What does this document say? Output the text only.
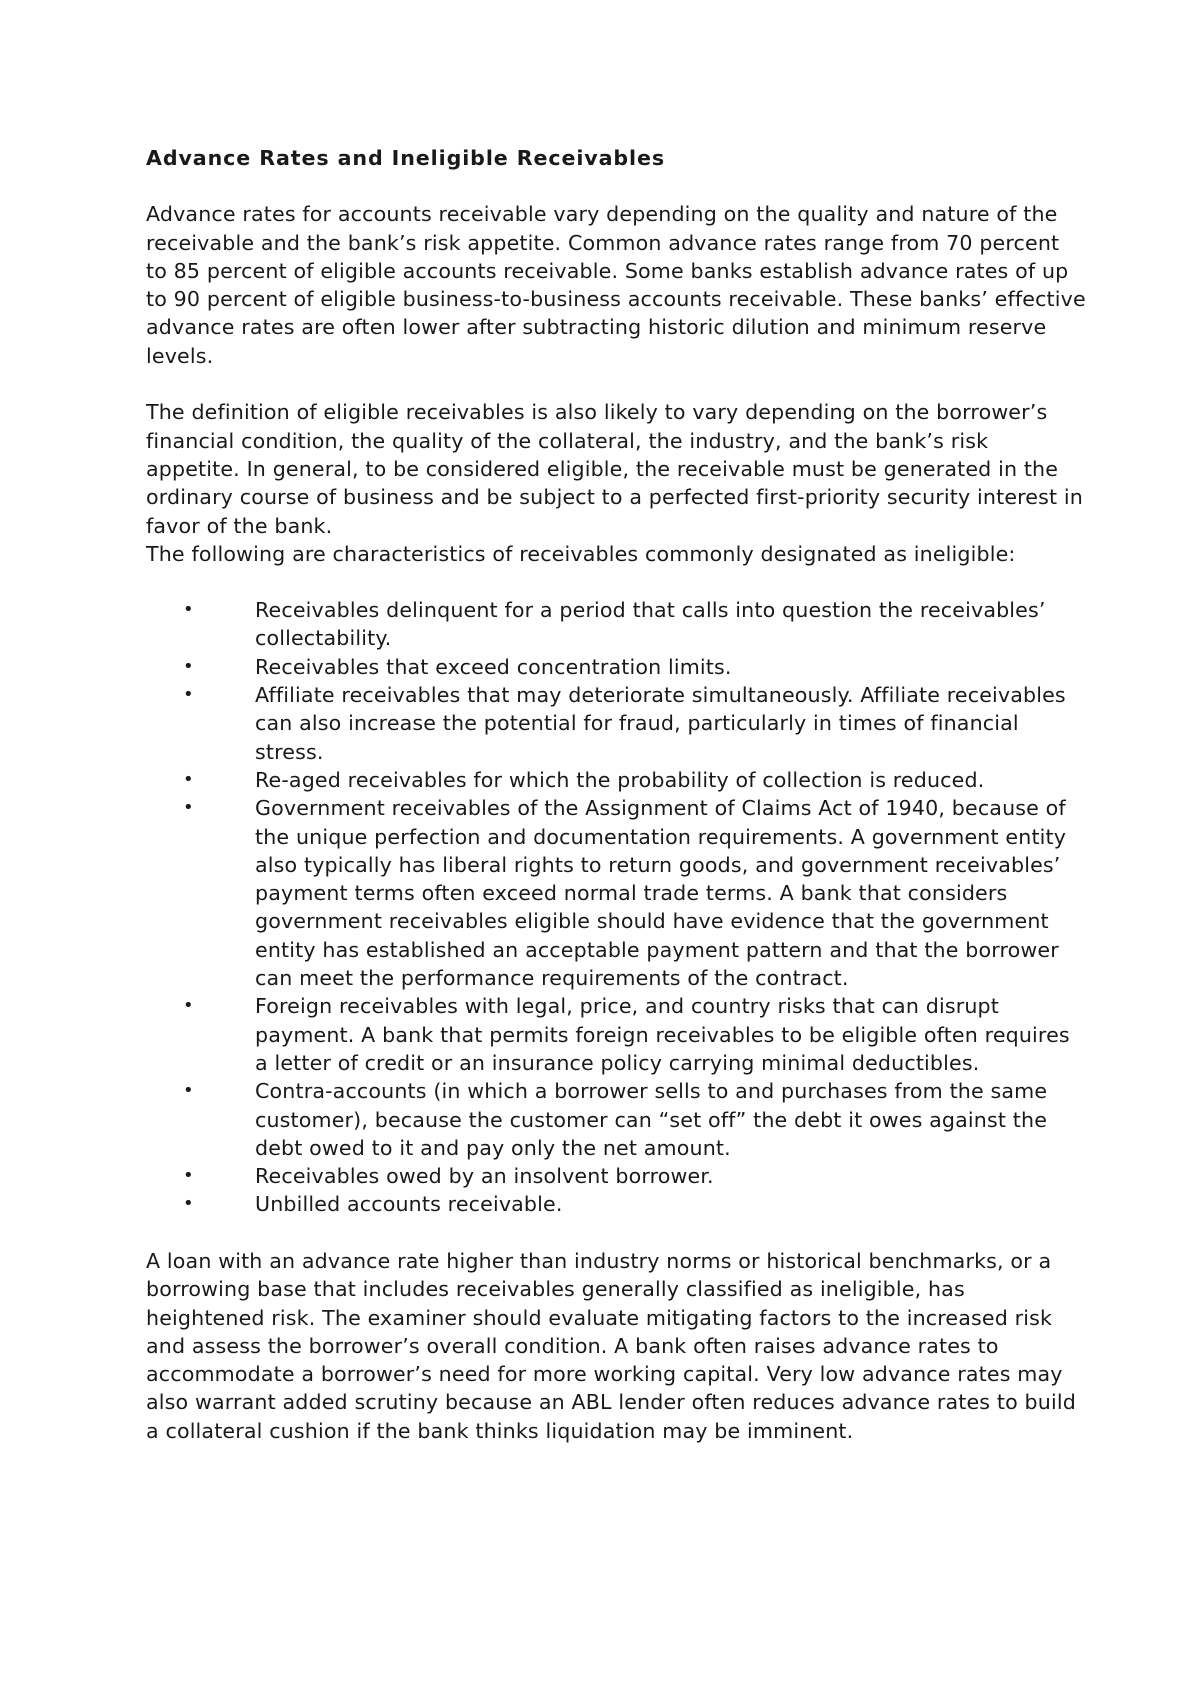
Advance Rates and Ineligible Receivables

Advance rates for accounts receivable vary depending on the quality and nature of the receivable and the bank’s risk appetite. Common advance rates range from 70 percent to 85 percent of eligible accounts receivable. Some banks establish advance rates of up to 90 percent of eligible business-to-business accounts receivable. These banks’ effective advance rates are often lower after subtracting historic dilution and minimum reserve levels.

The definition of eligible receivables is also likely to vary depending on the borrower’s financial condition, the quality of the collateral, the industry, and the bank’s risk appetite. In general, to be considered eligible, the receivable must be generated in the ordinary course of business and be subject to a perfected first-priority security interest in favor of the bank.

The following are characteristics of receivables commonly designated as ineligible:

•	Receivables delinquent for a period that calls into question the receivables’ collectability.
•	Receivables that exceed concentration limits.
•	Affiliate receivables that may deteriorate simultaneously. Affiliate receivables can also increase the potential for fraud, particularly in times of financial stress.
•	Re-aged receivables for which the probability of collection is reduced.
•	Government receivables of the Assignment of Claims Act of 1940, because of the unique perfection and documentation requirements. A government entity also typically has liberal rights to return goods, and government receivables’ payment terms often exceed normal trade terms. A bank that considers government receivables eligible should have evidence that the government entity has established an acceptable payment pattern and that the borrower can meet the performance requirements of the contract.
•	Foreign receivables with legal, price, and country risks that can disrupt payment. A bank that permits foreign receivables to be eligible often requires a letter of credit or an insurance policy carrying minimal deductibles.
•	Contra-accounts (in which a borrower sells to and purchases from the same customer), because the customer can “set off” the debt it owes against the debt owed to it and pay only the net amount.
•	Receivables owed by an insolvent borrower.
•	Unbilled accounts receivable.

A loan with an advance rate higher than industry norms or historical benchmarks, or a borrowing base that includes receivables generally classified as ineligible, has heightened risk. The examiner should evaluate mitigating factors to the increased risk and assess the borrower’s overall condition. A bank often raises advance rates to accommodate a borrower’s need for more working capital. Very low advance rates may also warrant added scrutiny because an ABL lender often reduces advance rates to build a collateral cushion if the bank thinks liquidation may be imminent.
